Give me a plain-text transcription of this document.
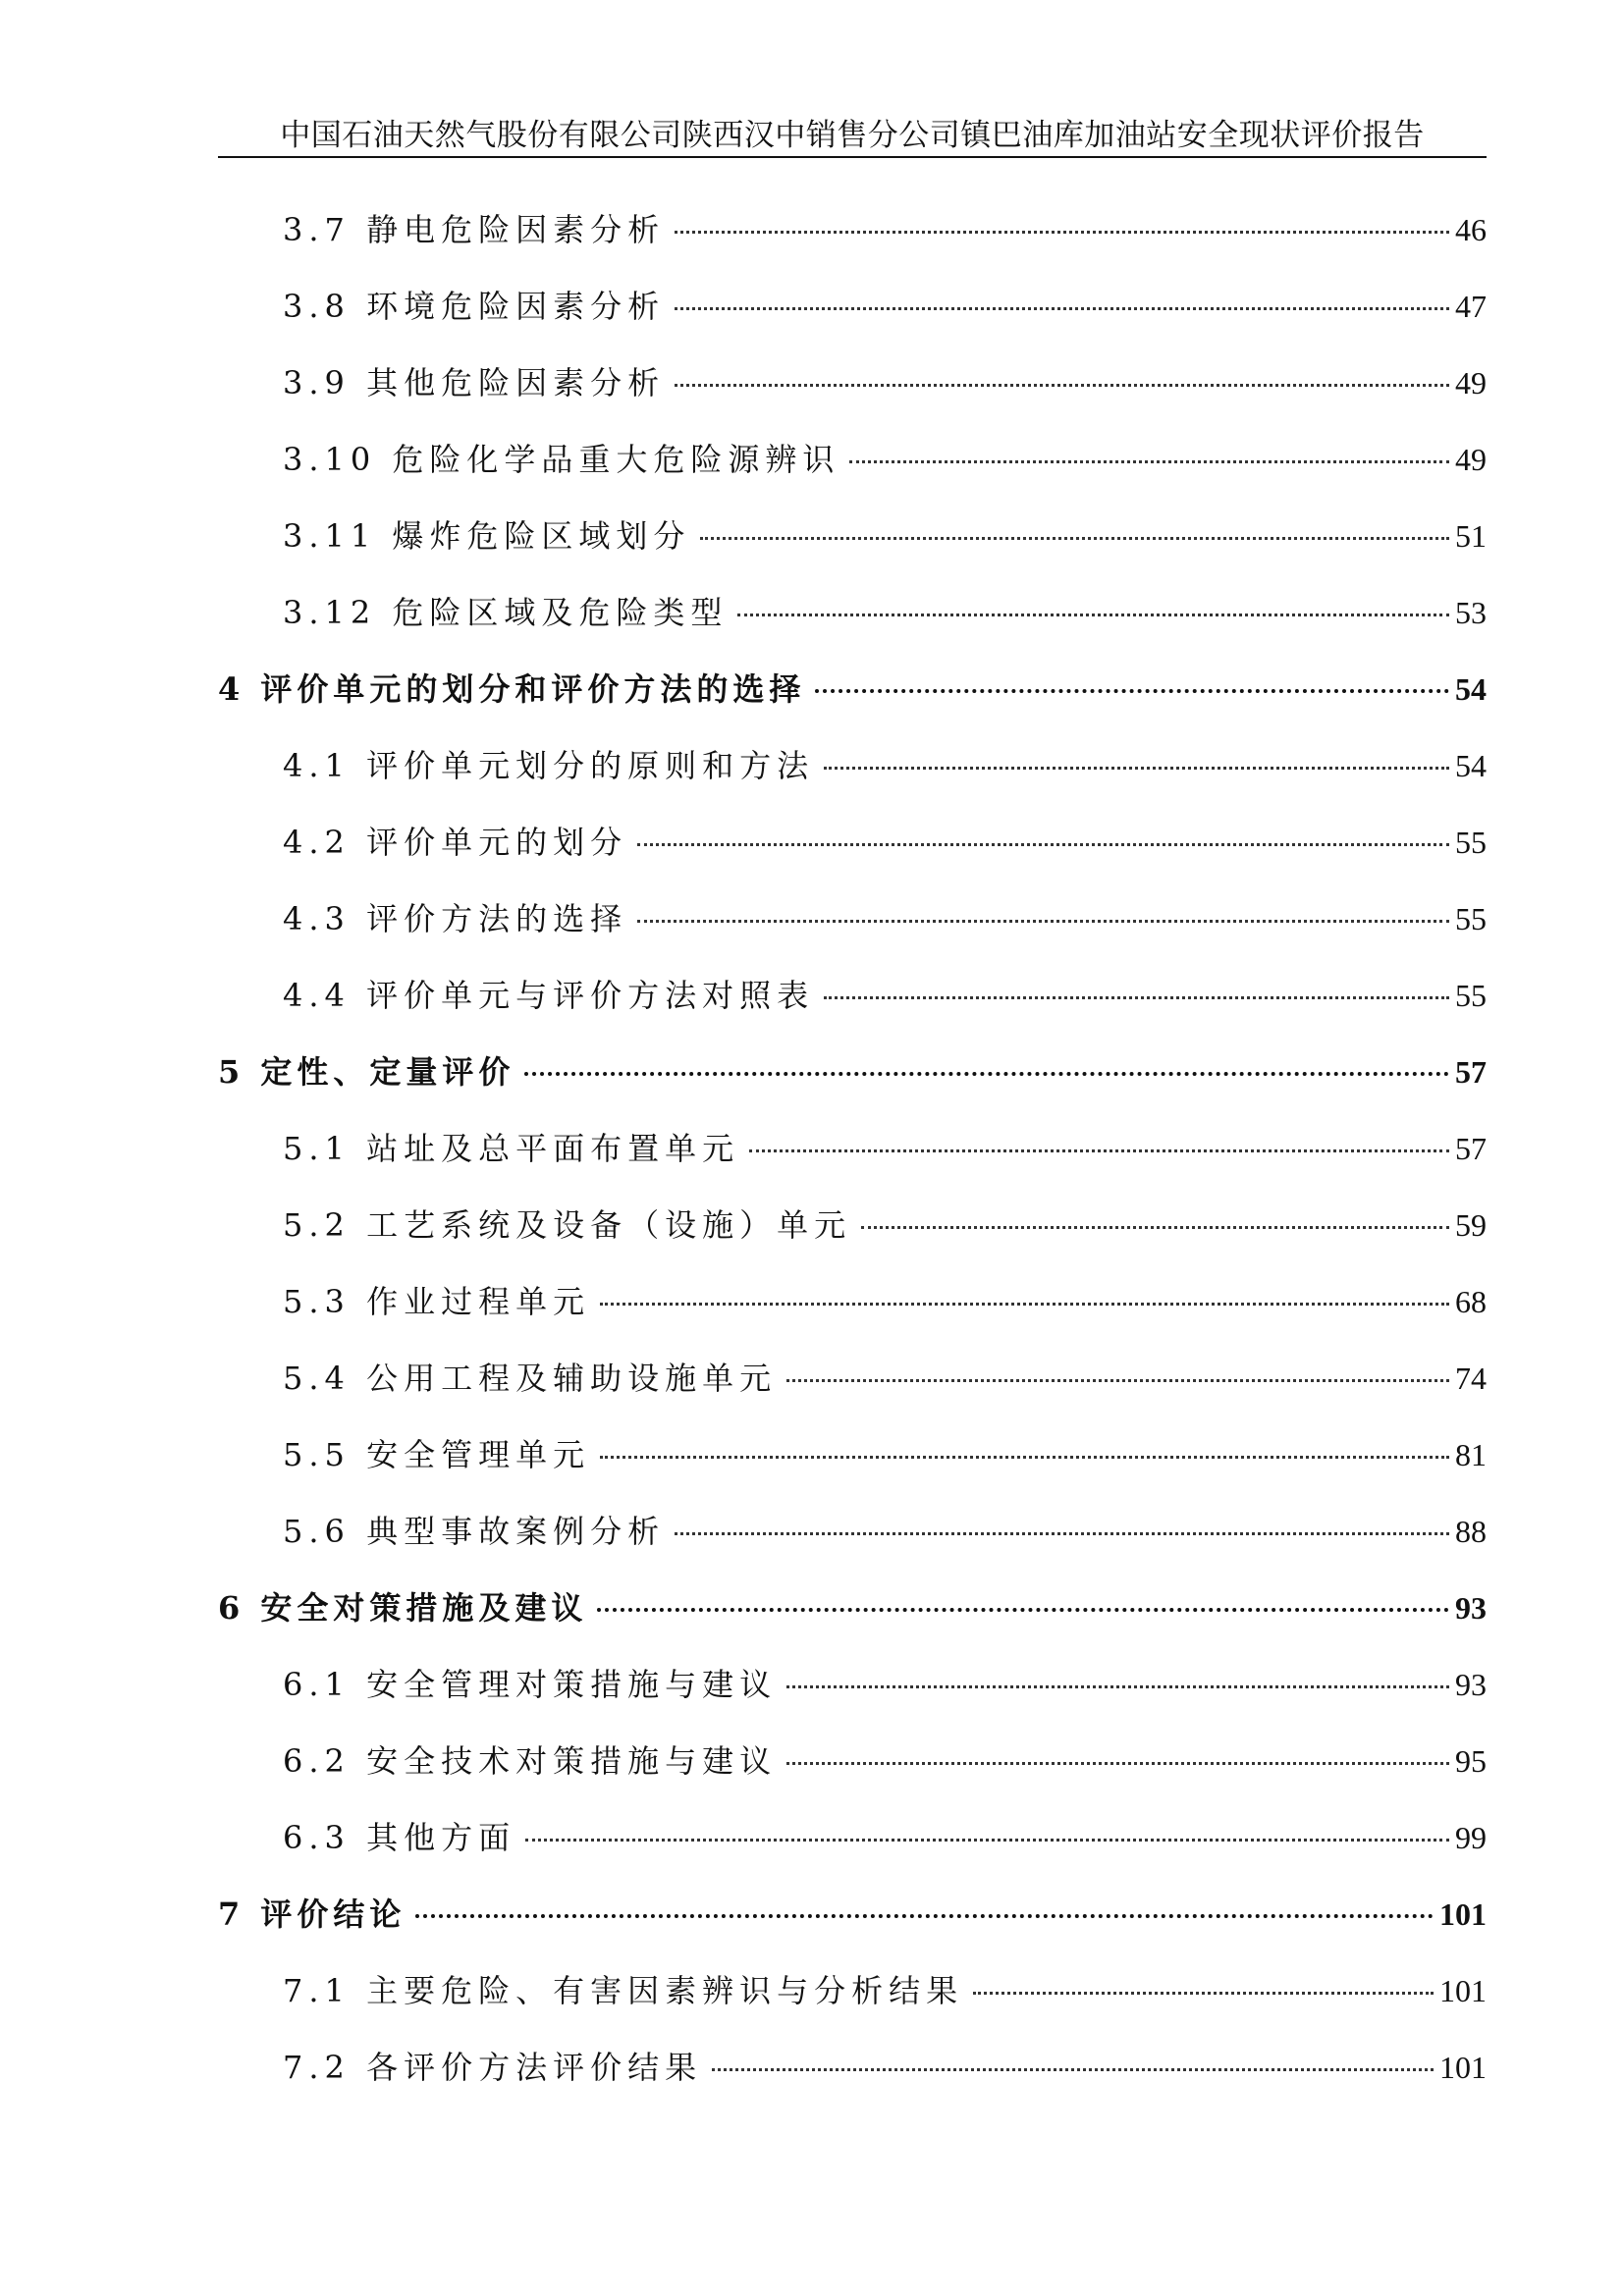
中国石油天然气股份有限公司陕西汉中销售分公司镇巴油库加油站安全现状评价报告
3.7 静电危险因素分析	46
3.8 环境危险因素分析	47
3.9 其他危险因素分析	49
3.10 危险化学品重大危险源辨识	49
3.11 爆炸危险区域划分	51
3.12 危险区域及危险类型	53
4 评价单元的划分和评价方法的选择	54
4.1 评价单元划分的原则和方法	54
4.2 评价单元的划分	55
4.3 评价方法的选择	55
4.4 评价单元与评价方法对照表	55
5 定性、定量评价	57
5.1 站址及总平面布置单元	57
5.2 工艺系统及设备（设施）单元	59
5.3 作业过程单元	68
5.4 公用工程及辅助设施单元	74
5.5 安全管理单元	81
5.6 典型事故案例分析	88
6 安全对策措施及建议	93
6.1 安全管理对策措施与建议	93
6.2 安全技术对策措施与建议	95
6.3 其他方面	99
7 评价结论	101
7.1 主要危险、有害因素辨识与分析结果	101
7.2 各评价方法评价结果	101
